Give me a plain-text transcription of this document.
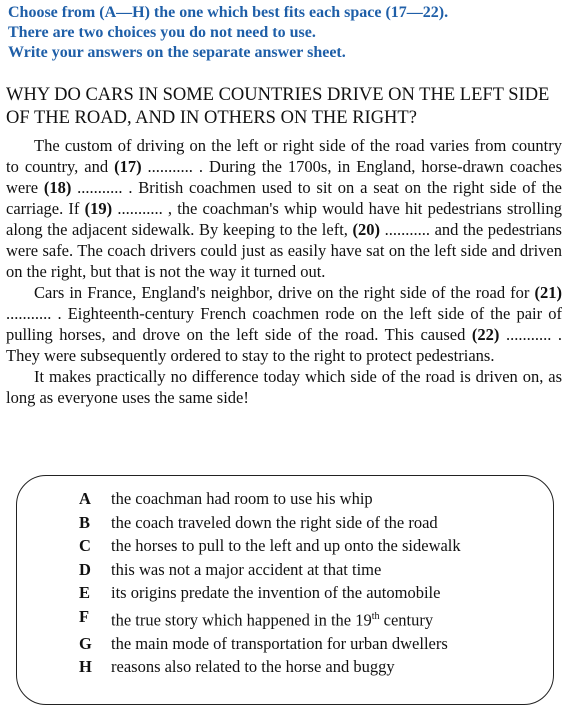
Choose from (A—H) the one which best fits each space (17—22).
There are two choices you do not need to use.
Write your answers on the separate answer sheet.
WHY DO CARS IN SOME COUNTRIES DRIVE ON THE LEFT SIDE OF THE ROAD, AND IN OTHERS ON THE RIGHT?

The custom of driving on the left or right side of the road varies from country to country, and (17) ........... . During the 1700s, in England, horse-drawn coaches were (18) ........... . British coachmen used to sit on a seat on the right side of the carriage. If (19) ........... , the coachman's whip would have hit pedestrians strolling along the adjacent sidewalk. By keeping to the left, (20) ........... and the pedestrians were safe. The coach drivers could just as easily have sat on the left side and driven on the right, but that is not the way it turned out.

Cars in France, England's neighbor, drive on the right side of the road for (21) ........... . Eighteenth-century French coachmen rode on the left side of the pair of pulling horses, and drove on the left side of the road. This caused (22) ........... . They were subsequently ordered to stay to the right to protect pedestrians.

It makes practically no difference today which side of the road is driven on, as long as everyone uses the same side!

A	the coachman had room to use his whip
B	the coach traveled down the right side of the road
C	the horses to pull to the left and up onto the sidewalk
D	this was not a major accident at that time
E	its origins predate the invention of the automobile
F	the true story which happened in the 19th century
G	the main mode of transportation for urban dwellers
H	reasons also related to the horse and buggy
